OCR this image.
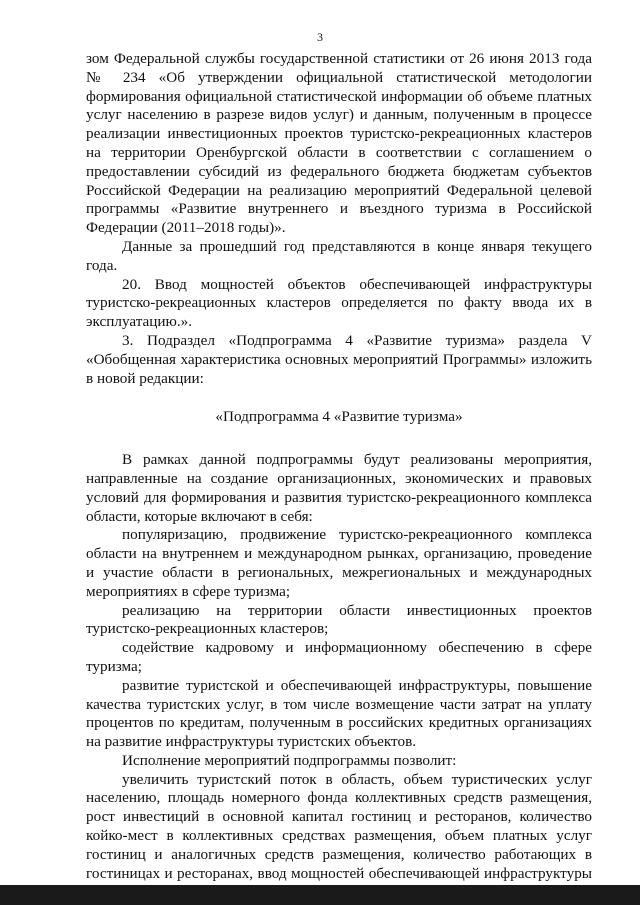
3

зом Федеральной службы государственной статистики от 26 июня 2013 года № 234 «Об утверждении официальной статистической методологии формирования официальной статистической информации об объеме платных услуг населению в разрезе видов услуг) и данным, полученным в процессе реализации инвестиционных проектов туристско-рекреационных кластеров на территории Оренбургской области в соответствии с соглашением о предоставлении субсидий из федерального бюджета бюджетам субъектов Российской Федерации на реализацию мероприятий Федеральной целевой программы «Развитие внутреннего и въездного туризма в Российской Федерации (2011–2018 годы)».

Данные за прошедший год представляются в конце января текущего года.

20. Ввод мощностей объектов обеспечивающей инфраструктуры туристско-рекреационных кластеров определяется по факту ввода их в эксплуатацию.».

3. Подраздел «Подпрограмма 4 «Развитие туризма» раздела V «Обобщенная характеристика основных мероприятий Программы» изложить в новой редакции:

«Подпрограмма 4 «Развитие туризма»

В рамках данной подпрограммы будут реализованы мероприятия, направленные на создание организационных, экономических и правовых условий для формирования и развития туристско-рекреационного комплекса области, которые включают в себя:

популяризацию, продвижение туристско-рекреационного комплекса области на внутреннем и международном рынках, организацию, проведение и участие области в региональных, межрегиональных и международных мероприятиях в сфере туризма;

реализацию на территории области инвестиционных проектов туристско-рекреационных кластеров;

содействие кадровому и информационному обеспечению в сфере туризма;

развитие туристской и обеспечивающей инфраструктуры, повышение качества туристских услуг, в том числе возмещение части затрат на уплату процентов по кредитам, полученным в российских кредитных организациях на развитие инфраструктуры туристских объектов.

Исполнение мероприятий подпрограммы позволит:

увеличить туристский поток в область, объем туристических услуг населению, площадь номерного фонда коллективных средств размещения, рост инвестиций в основной капитал гостиниц и ресторанов, количество койко-мест в коллективных средствах размещения, объем платных услуг гостиниц и аналогичных средств размещения, количество работающих в гостиницах и ресторанах, ввод мощностей обеспечивающей инфраструктуры
